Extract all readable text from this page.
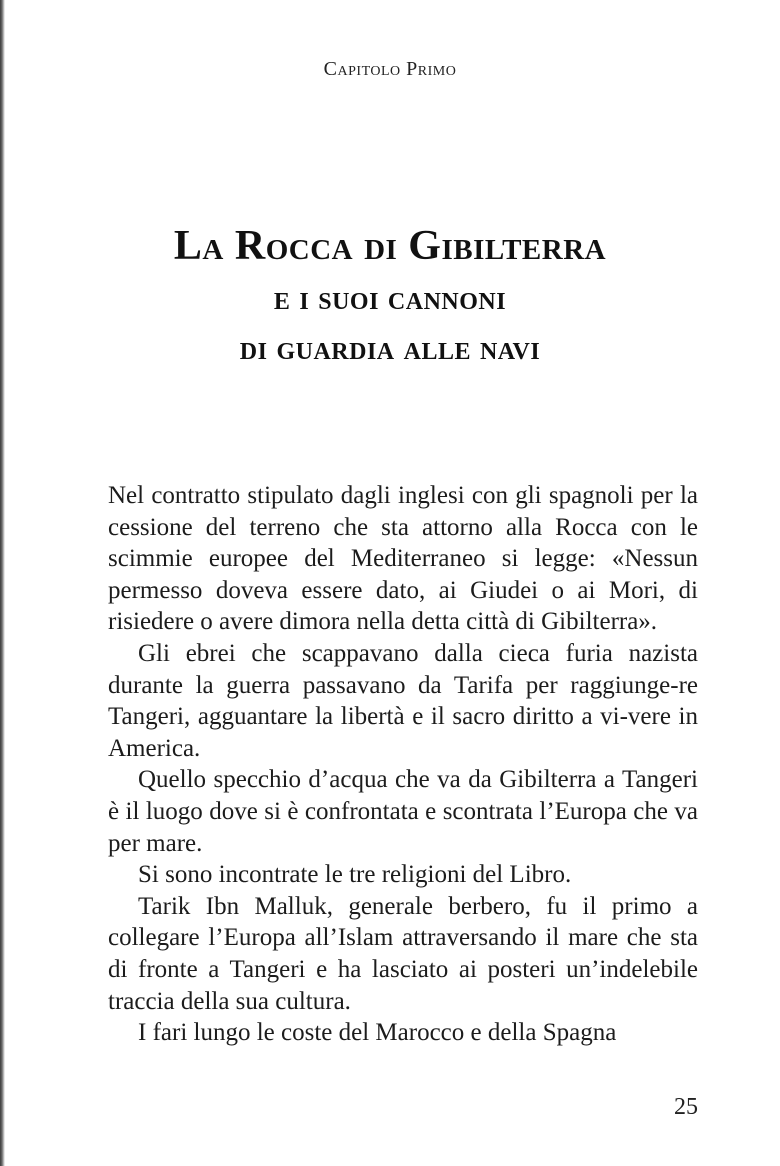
Capitolo Primo
La Rocca di Gibilterra
e i suoi cannoni
di guardia alle navi

Nel contratto stipulato dagli inglesi con gli spagnoli per la cessione del terreno che sta attorno alla Rocca con le scimmie europee del Mediterraneo si legge: «Nessun permesso doveva essere dato, ai Giudei o ai Mori, di risiedere o avere dimora nella detta città di Gibilterra».

Gli ebrei che scappavano dalla cieca furia nazista durante la guerra passavano da Tarifa per raggiunge-re Tangeri, agguantare la libertà e il sacro diritto a vi-vere in America.

Quello specchio d’acqua che va da Gibilterra a Tangeri è il luogo dove si è confrontata e scontrata l’Europa che va per mare.

Si sono incontrate le tre religioni del Libro.

Tarik Ibn Malluk, generale berbero, fu il primo a collegare l’Europa all’Islam attraversando il mare che sta di fronte a Tangeri e ha lasciato ai posteri un’indelebile traccia della sua cultura.

I fari lungo le coste del Marocco e della Spagna

25
